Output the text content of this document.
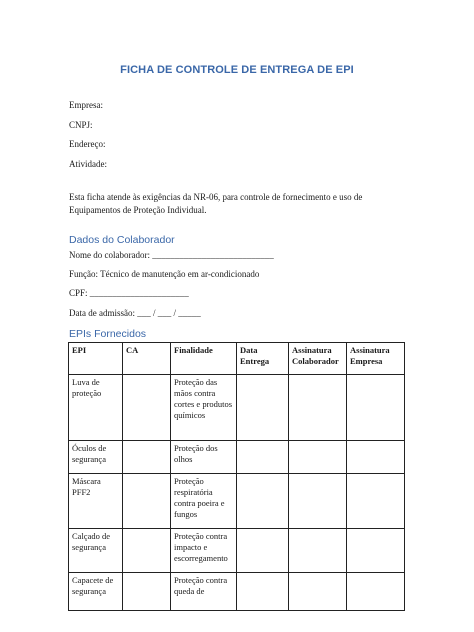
FICHA DE CONTROLE DE ENTREGA DE EPI
Empresa:
CNPJ:
Endereço:
Atividade:
Esta ficha atende às exigências da NR-06, para controle de fornecimento e uso de Equipamentos de Proteção Individual.
Dados do Colaborador
Nome do colaborador: ___________________________
Função: Técnico de manutenção em ar-condicionado
CPF: ______________________
Data de admissão: ___ / ___ / _____
EPIs Fornecidos
EPI	CA	Finalidade	Data Entrega	Assinatura Colaborador	Assinatura Empresa
Luva de proteção		Proteção das mãos contra cortes e produtos químicos			
Óculos de segurança		Proteção dos olhos			
Máscara PFF2		Proteção respiratória contra poeira e fungos			
Calçado de segurança		Proteção contra impacto e escorregamento			
Capacete de segurança		Proteção contra queda de			
